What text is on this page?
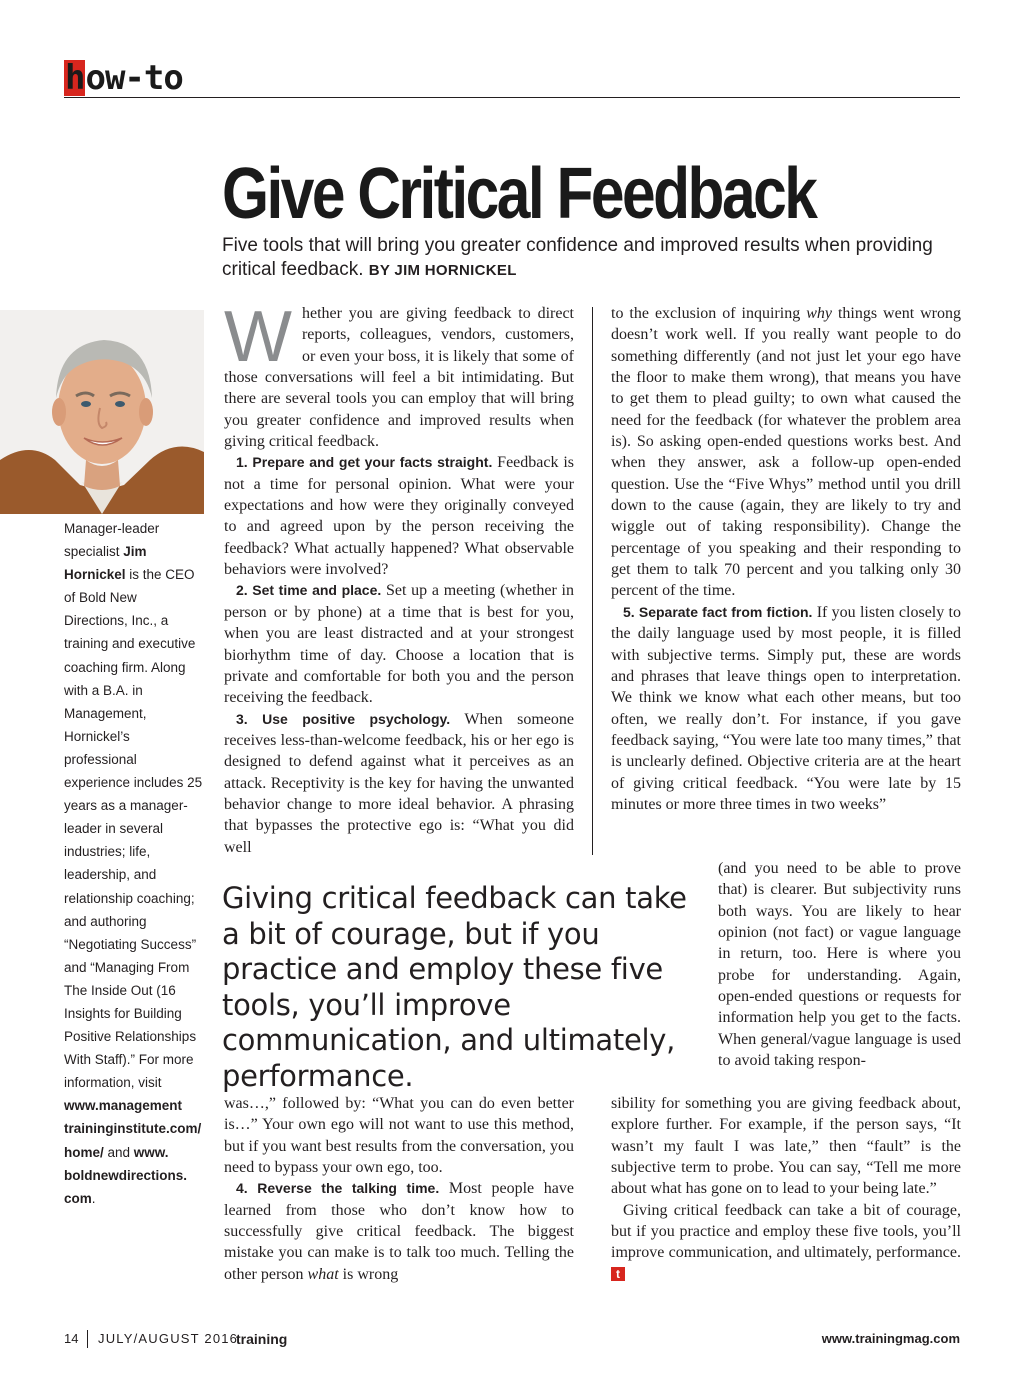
how-to
Give Critical Feedback
Five tools that will bring you greater confidence and improved results when providing critical feedback. BY JIM HORNICKEL
Manager-leader specialist Jim Hornickel is the CEO of Bold New Directions, Inc., a training and executive coaching firm. Along with a B.A. in Management, Hornickel’s professional experience includes 25 years as a manager-leader in several industries; life, leadership, and relationship coaching; and authoring “Negotiating Success” and “Managing From The Inside Out (16 Insights for Building Positive Relationships With Staff).” For more information, visit www.management traininginstitute.com/ home/ and www. boldnewdirections. com.

Whether you are giving feedback to direct reports, colleagues, vendors, customers, or even your boss, it is likely that some of those conversations will feel a bit intimidating. But there are several tools you can employ that will bring you greater confidence and improved results when giving critical feedback.

1. Prepare and get your facts straight. Feedback is not a time for personal opinion. What were your expectations and how were they originally conveyed to and agreed upon by the person receiving the feedback? What actually happened? What observable behaviors were involved?

2. Set time and place. Set up a meeting (whether in person or by phone) at a time that is best for you, when you are least distracted and at your strongest biorhythm time of day. Choose a location that is private and comfortable for both you and the person receiving the feedback.

3. Use positive psychology. When someone receives less-than-welcome feedback, his or her ego is designed to defend against what it perceives as an attack. Receptivity is the key for having the unwanted behavior change to more ideal behavior. A phrasing that bypasses the protective ego is: “What you did well

Giving critical feedback can take a bit of courage, but if you practice and employ these five tools, you’ll improve communication, and ultimately, performance.

was…,” followed by: “What you can do even better is…” Your own ego will not want to use this method, but if you want best results from the conversation, you need to bypass your own ego, too.

4. Reverse the talking time. Most people have learned from those who don’t know how to successfully give critical feedback. The biggest mistake you can make is to talk too much. Telling the other person what is wrong

to the exclusion of inquiring why things went wrong doesn’t work well. If you really want people to do something differently (and not just let your ego have the floor to make them wrong), that means you have to get them to plead guilty; to own what caused the need for the feedback (for whatever the problem area is). So asking open-ended questions works best. And when they answer, ask a follow-up open-ended question. Use the “Five Whys” method until you drill down to the cause (again, they are likely to try and wiggle out of taking responsibility). Change the percentage of you speaking and their responding to get them to talk 70 percent and you talking only 30 percent of the time.

5. Separate fact from fiction. If you listen closely to the daily language used by most people, it is filled with subjective terms. Simply put, these are words and phrases that leave things open to interpretation. We think we know what each other means, but too often, we really don’t. For instance, if you gave feedback saying, “You were late too many times,” that is unclearly defined. Objective criteria are at the heart of giving critical feedback. “You were late by 15 minutes or more three times in two weeks”

(and you need to be able to prove that) is clearer. But subjectivity runs both ways. You are likely to hear opinion (not fact) or vague language in return, too. Here is where you probe for understanding. Again, open-ended questions or requests for information help you get to the facts. When general/vague language is used to avoid taking respon-

sibility for something you are giving feedback about, explore further. For example, if the person says, “It wasn’t my fault I was late,” then “fault” is the subjective term to probe. You can say, “Tell me more about what has gone on to lead to your being late.”

Giving critical feedback can take a bit of courage, but if you practice and employ these five tools, you’ll improve communication, and ultimately, performance. t

14 JULY/AUGUST 2016
training	www.trainingmag.com
